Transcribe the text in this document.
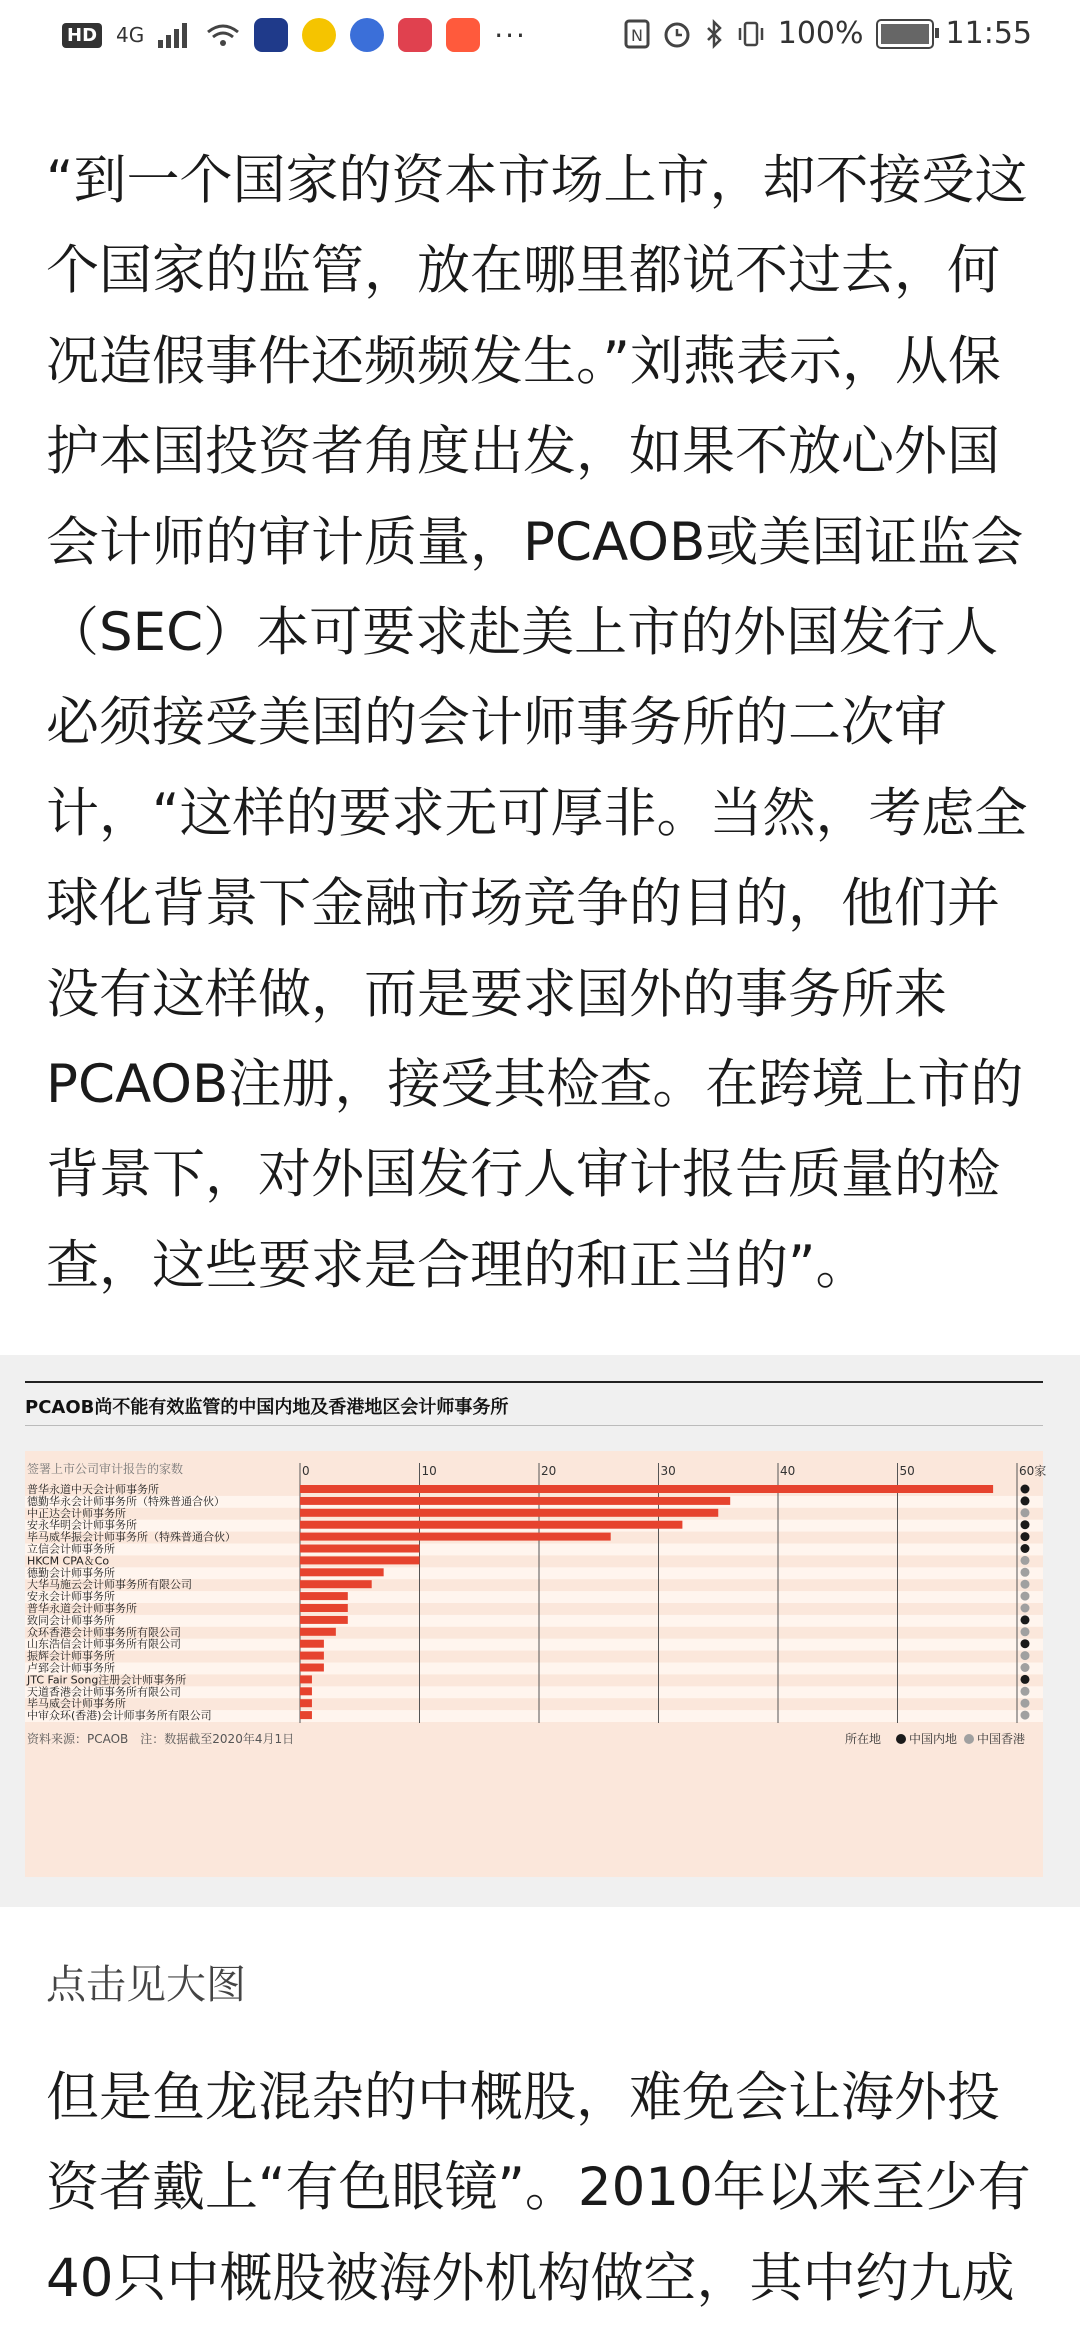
HD 4G	···	N	100%	11:55

“到一个国家的资本市场上市，却不接受这个国家的监管，放在哪里都说不过去，何况造假事件还频频发生。”刘燕表示，从保护本国投资者角度出发，如果不放心外国会计师的审计质量，PCAOB或美国证监会（SEC）本可要求赴美上市的外国发行人必须接受美国的会计师事务所的二次审计，“这样的要求无可厚非。当然，考虑全球化背景下金融市场竞争的目的，他们并没有这样做，而是要求国外的事务所来PCAOB注册，接受其检查。在跨境上市的背景下，对外国发行人审计报告质量的检查，这些要求是合理的和正当的”。

PCAOB尚不能有效监管的中国内地及香港地区会计师事务所
签署上市公司审计报告的家数	0	10	20	30	40	50	60家
普华永道中天会计师事务所
德勤华永会计师事务所（特殊普通合伙）
中正达会计师事务所
安永华明会计师事务所
毕马威华振会计师事务所（特殊普通合伙）
立信会计师事务所
HKCM CPA＆Co
德勤会计师事务所
大华马施云会计师事务所有限公司
安永会计师事务所
普华永道会计师事务所
致同会计师事务所
众环香港会计师事务所有限公司
山东浩信会计师事务所有限公司
振辉会计师事务所
卢郅会计师事务所
JTC Fair Song注册会计师事务所
天道香港会计师事务所有限公司
毕马威会计师事务所
中审众环(香港)会计师事务所有限公司
资料来源：PCAOB　注：数据截至2020年4月1日	所在地 中国内地 中国香港
点击见大图

但是鱼龙混杂的中概股，难免会让海外投资者戴上“有色眼镜”。2010年以来至少有40只中概股被海外机构做空，其中约九成
